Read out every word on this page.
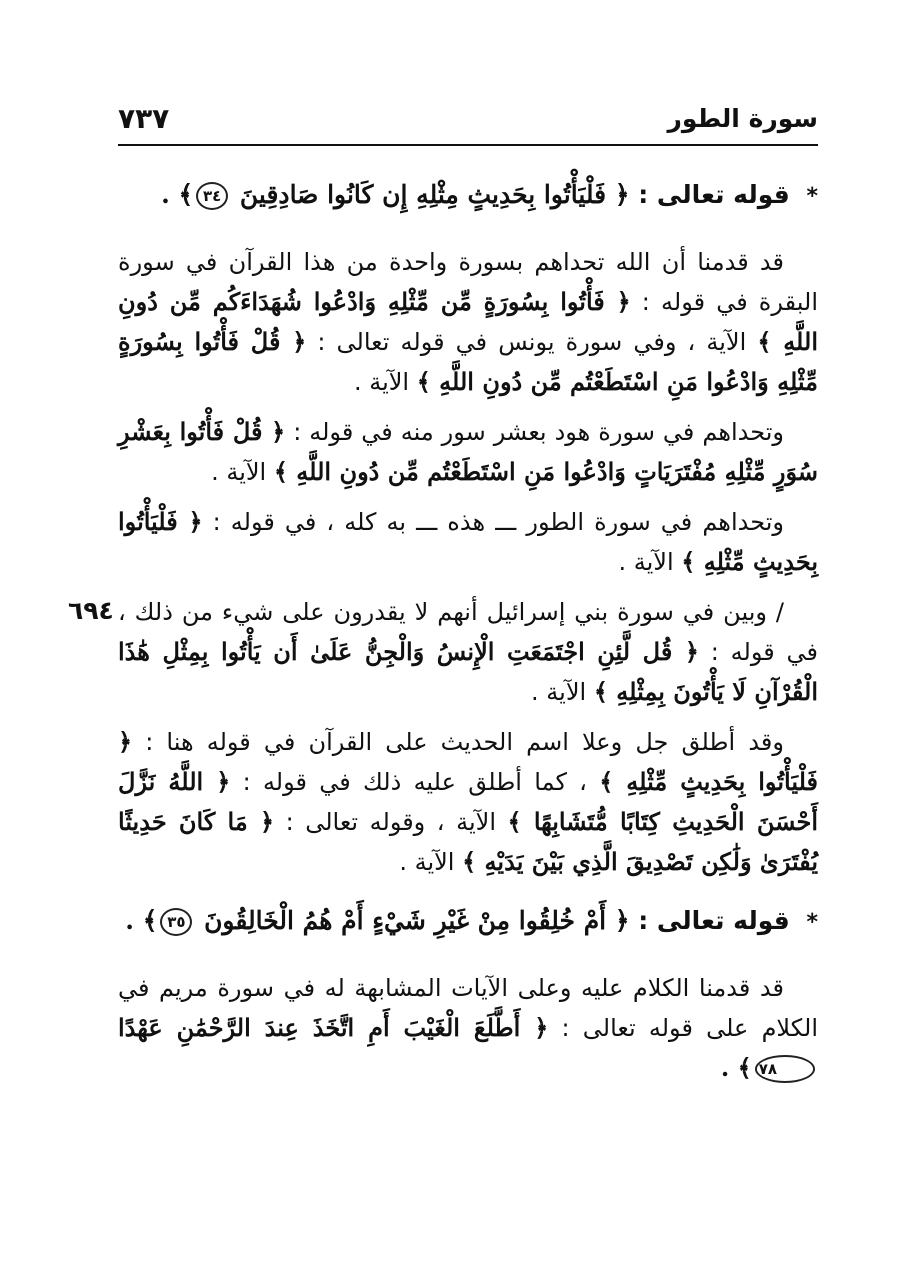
سورة الطور
٧٣٧

* قوله تعالى : ﴿ فَلْيَأْتُوا بِحَدِيثٍ مِثْلِهِ إِن كَانُوا صَادِقِينَ ٣٤﴾ .

قد قدمنا أن الله تحداهم بسورة واحدة من هذا القرآن في سورة البقرة في قوله : ﴿ فَأْتُوا بِسُورَةٍ مِّن مِّثْلِهِ وَادْعُوا شُهَدَاءَكُم مِّن دُونِ اللَّهِ ﴾ الآية ، وفي سورة يونس في قوله تعالى : ﴿ قُلْ فَأْتُوا بِسُورَةٍ مِّثْلِهِ وَادْعُوا مَنِ اسْتَطَعْتُم مِّن دُونِ اللَّهِ ﴾ الآية .

وتحداهم في سورة هود بعشر سور منه في قوله : ﴿ قُلْ فَأْتُوا بِعَشْرِ سُوَرٍ مِّثْلِهِ مُفْتَرَيَاتٍ وَادْعُوا مَنِ اسْتَطَعْتُم مِّن دُونِ اللَّهِ ﴾ الآية .

وتحداهم في سورة الطور ـــ هذه ـــ به كله ، في قوله : ﴿ فَلْيَأْتُوا بِحَدِيثٍ مِّثْلِهِ ﴾ الآية .

٦٩٤ / وبين في سورة بني إسرائيل أنهم لا يقدرون على شيء من ذلك ، في قوله : ﴿ قُل لَّئِنِ اجْتَمَعَتِ الْإِنسُ وَالْجِنُّ عَلَىٰ أَن يَأْتُوا بِمِثْلِ هَٰذَا الْقُرْآنِ لَا يَأْتُونَ بِمِثْلِهِ ﴾ الآية .

وقد أطلق جل وعلا اسم الحديث على القرآن في قوله هنا : ﴿ فَلْيَأْتُوا بِحَدِيثٍ مِّثْلِهِ ﴾ ، كما أطلق عليه ذلك في قوله : ﴿ اللَّهُ نَزَّلَ أَحْسَنَ الْحَدِيثِ كِتَابًا مُّتَشَابِهًا ﴾ الآية ، وقوله تعالى : ﴿ مَا كَانَ حَدِيثًا يُفْتَرَىٰ وَلَٰكِن تَصْدِيقَ الَّذِي بَيْنَ يَدَيْهِ ﴾ الآية .

* قوله تعالى : ﴿ أَمْ خُلِقُوا مِنْ غَيْرِ شَيْءٍ أَمْ هُمُ الْخَالِقُونَ ٣٥﴾ .

قد قدمنا الكلام عليه وعلى الآيات المشابهة له في سورة مريم في الكلام على قوله تعالى : ﴿ أَطَّلَعَ الْغَيْبَ أَمِ اتَّخَذَ عِندَ الرَّحْمَٰنِ عَهْدًا ٧٨﴾ .
